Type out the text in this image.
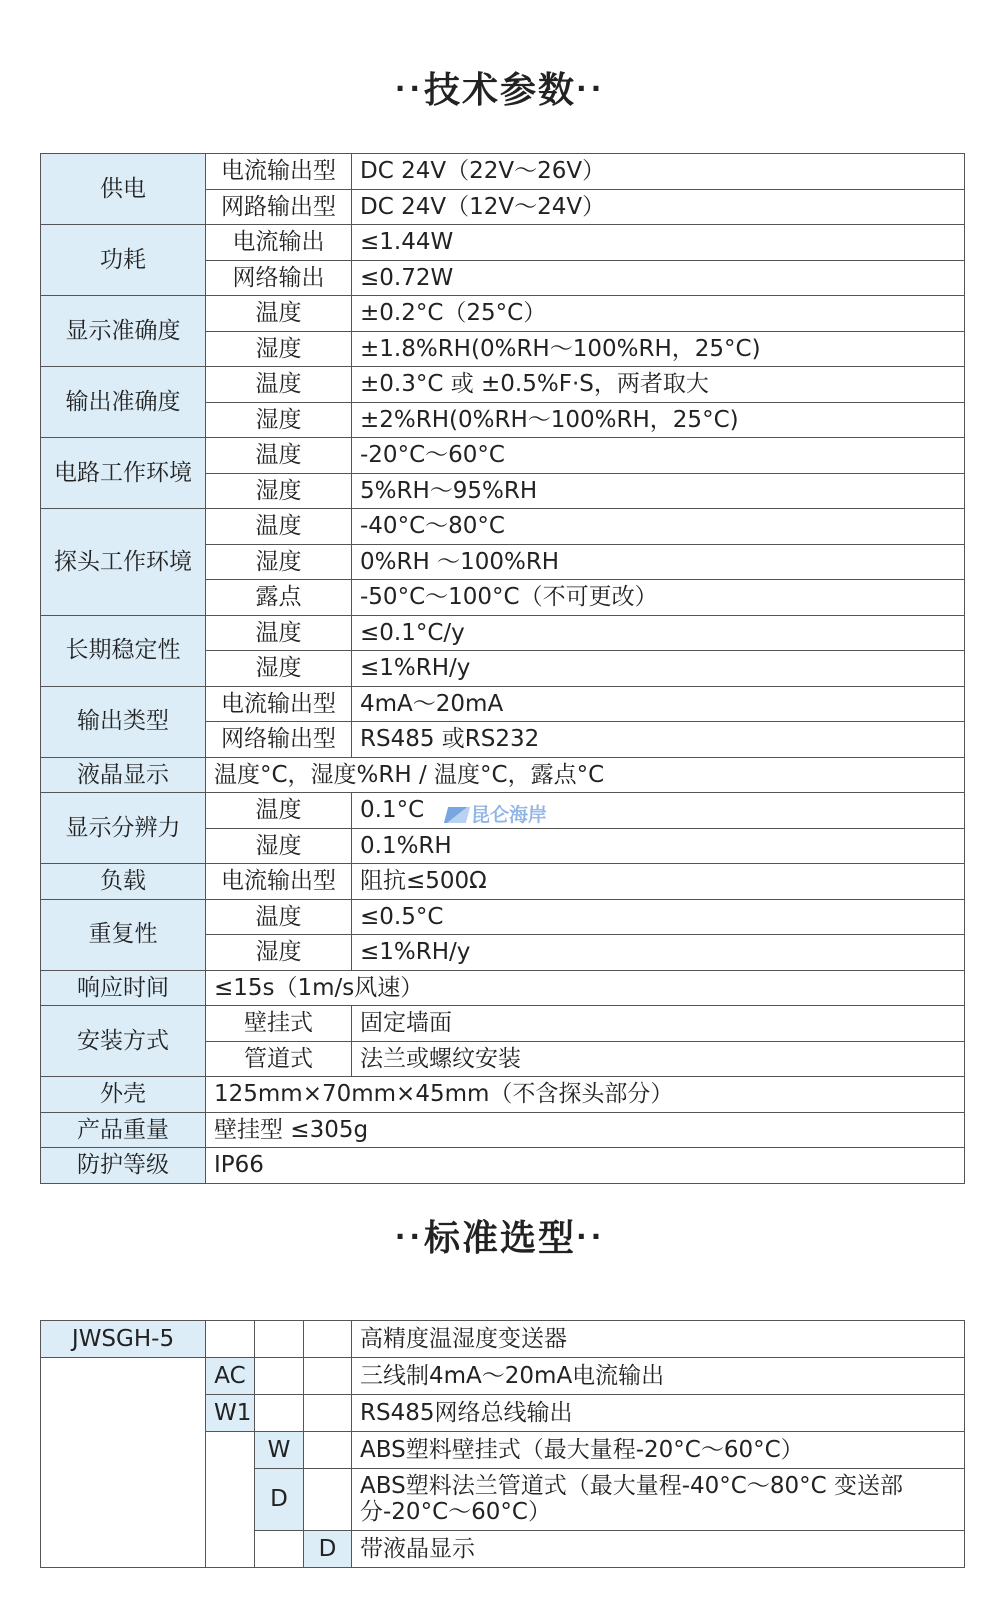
··技术参数··
供电	电流输出型	DC 24V（22V～26V）
	网路输出型	DC 24V（12V～24V）
功耗	电流输出	≤1.44W
	网络输出	≤0.72W
显示准确度	温度	±0.2°C（25°C）
	湿度	±1.8%RH(0%RH～100%RH，25°C)
输出准确度	温度	±0.3°C 或 ±0.5%F·S，两者取大
	湿度	±2%RH(0%RH～100%RH，25°C)
电路工作环境	温度	-20°C～60°C
	湿度	5%RH～95%RH
探头工作环境	温度	-40°C～80°C
	湿度	0%RH ～100%RH
	露点	-50°C～100°C（不可更改）
长期稳定性	温度	≤0.1°C/y
	湿度	≤1%RH/y
输出类型	电流输出型	4mA～20mA
	网络输出型	RS485 或RS232
液晶显示	温度°C，湿度%RH / 温度°C，露点°C	
显示分辨力	温度	0.1°C
	湿度	0.1%RH
负载	电流输出型	阻抗≤500Ω
重复性	温度	≤0.5°C
	湿度	≤1%RH/y
响应时间	≤15s（1m/s风速）	
安装方式	壁挂式	固定墙面
	管道式	法兰或螺纹安装
外壳	125mm×70mm×45mm（不含探头部分）	
产品重量	壁挂型 ≤305g	
防护等级	IP66	
昆仑海岸
··标准选型··
JWSGH-5				高精度温湿度变送器
	AC			三线制4mA～20mA电流输出
	W1			RS485网络总线输出
		W		ABS塑料壁挂式（最大量程-20°C～60°C）
		D		ABS塑料法兰管道式（最大量程-40°C～80°C 变送部分-20°C～60°C）
			D	带液晶显示
